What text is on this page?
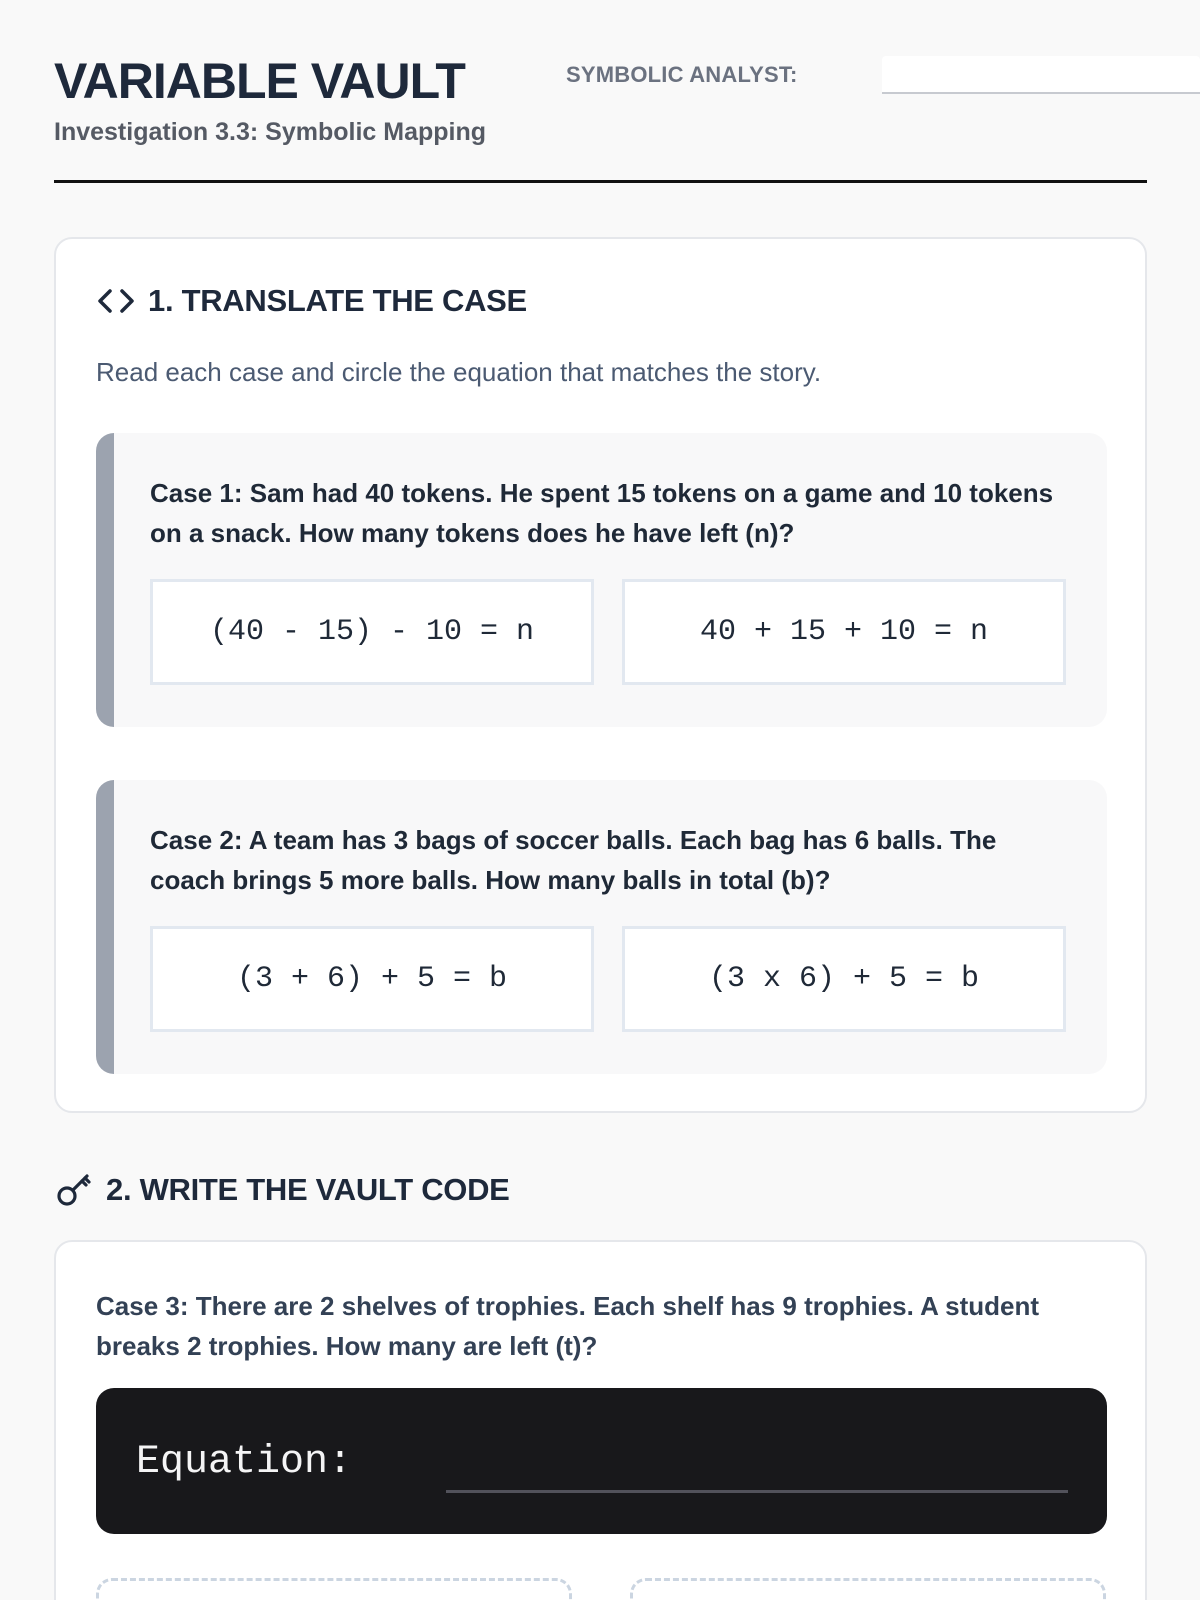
VARIABLE VAULT
Investigation 3.3: Symbolic Mapping
SYMBOLIC ANALYST:
1. TRANSLATE THE CASE
Read each case and circle the equation that matches the story.
Case 1: Sam had 40 tokens. He spent 15 tokens on a game and 10 tokens on a snack. How many tokens does he have left (n)?
(40 - 15) - 10 = n	40 + 15 + 10 = n
Case 2: A team has 3 bags of soccer balls. Each bag has 6 balls. The coach brings 5 more balls. How many balls in total (b)?
(3 + 6) + 5 = b	(3 x 6) + 5 = b
2. WRITE THE VAULT CODE
Case 3: There are 2 shelves of trophies. Each shelf has 9 trophies. A student breaks 2 trophies. How many are left (t)?
Equation:
